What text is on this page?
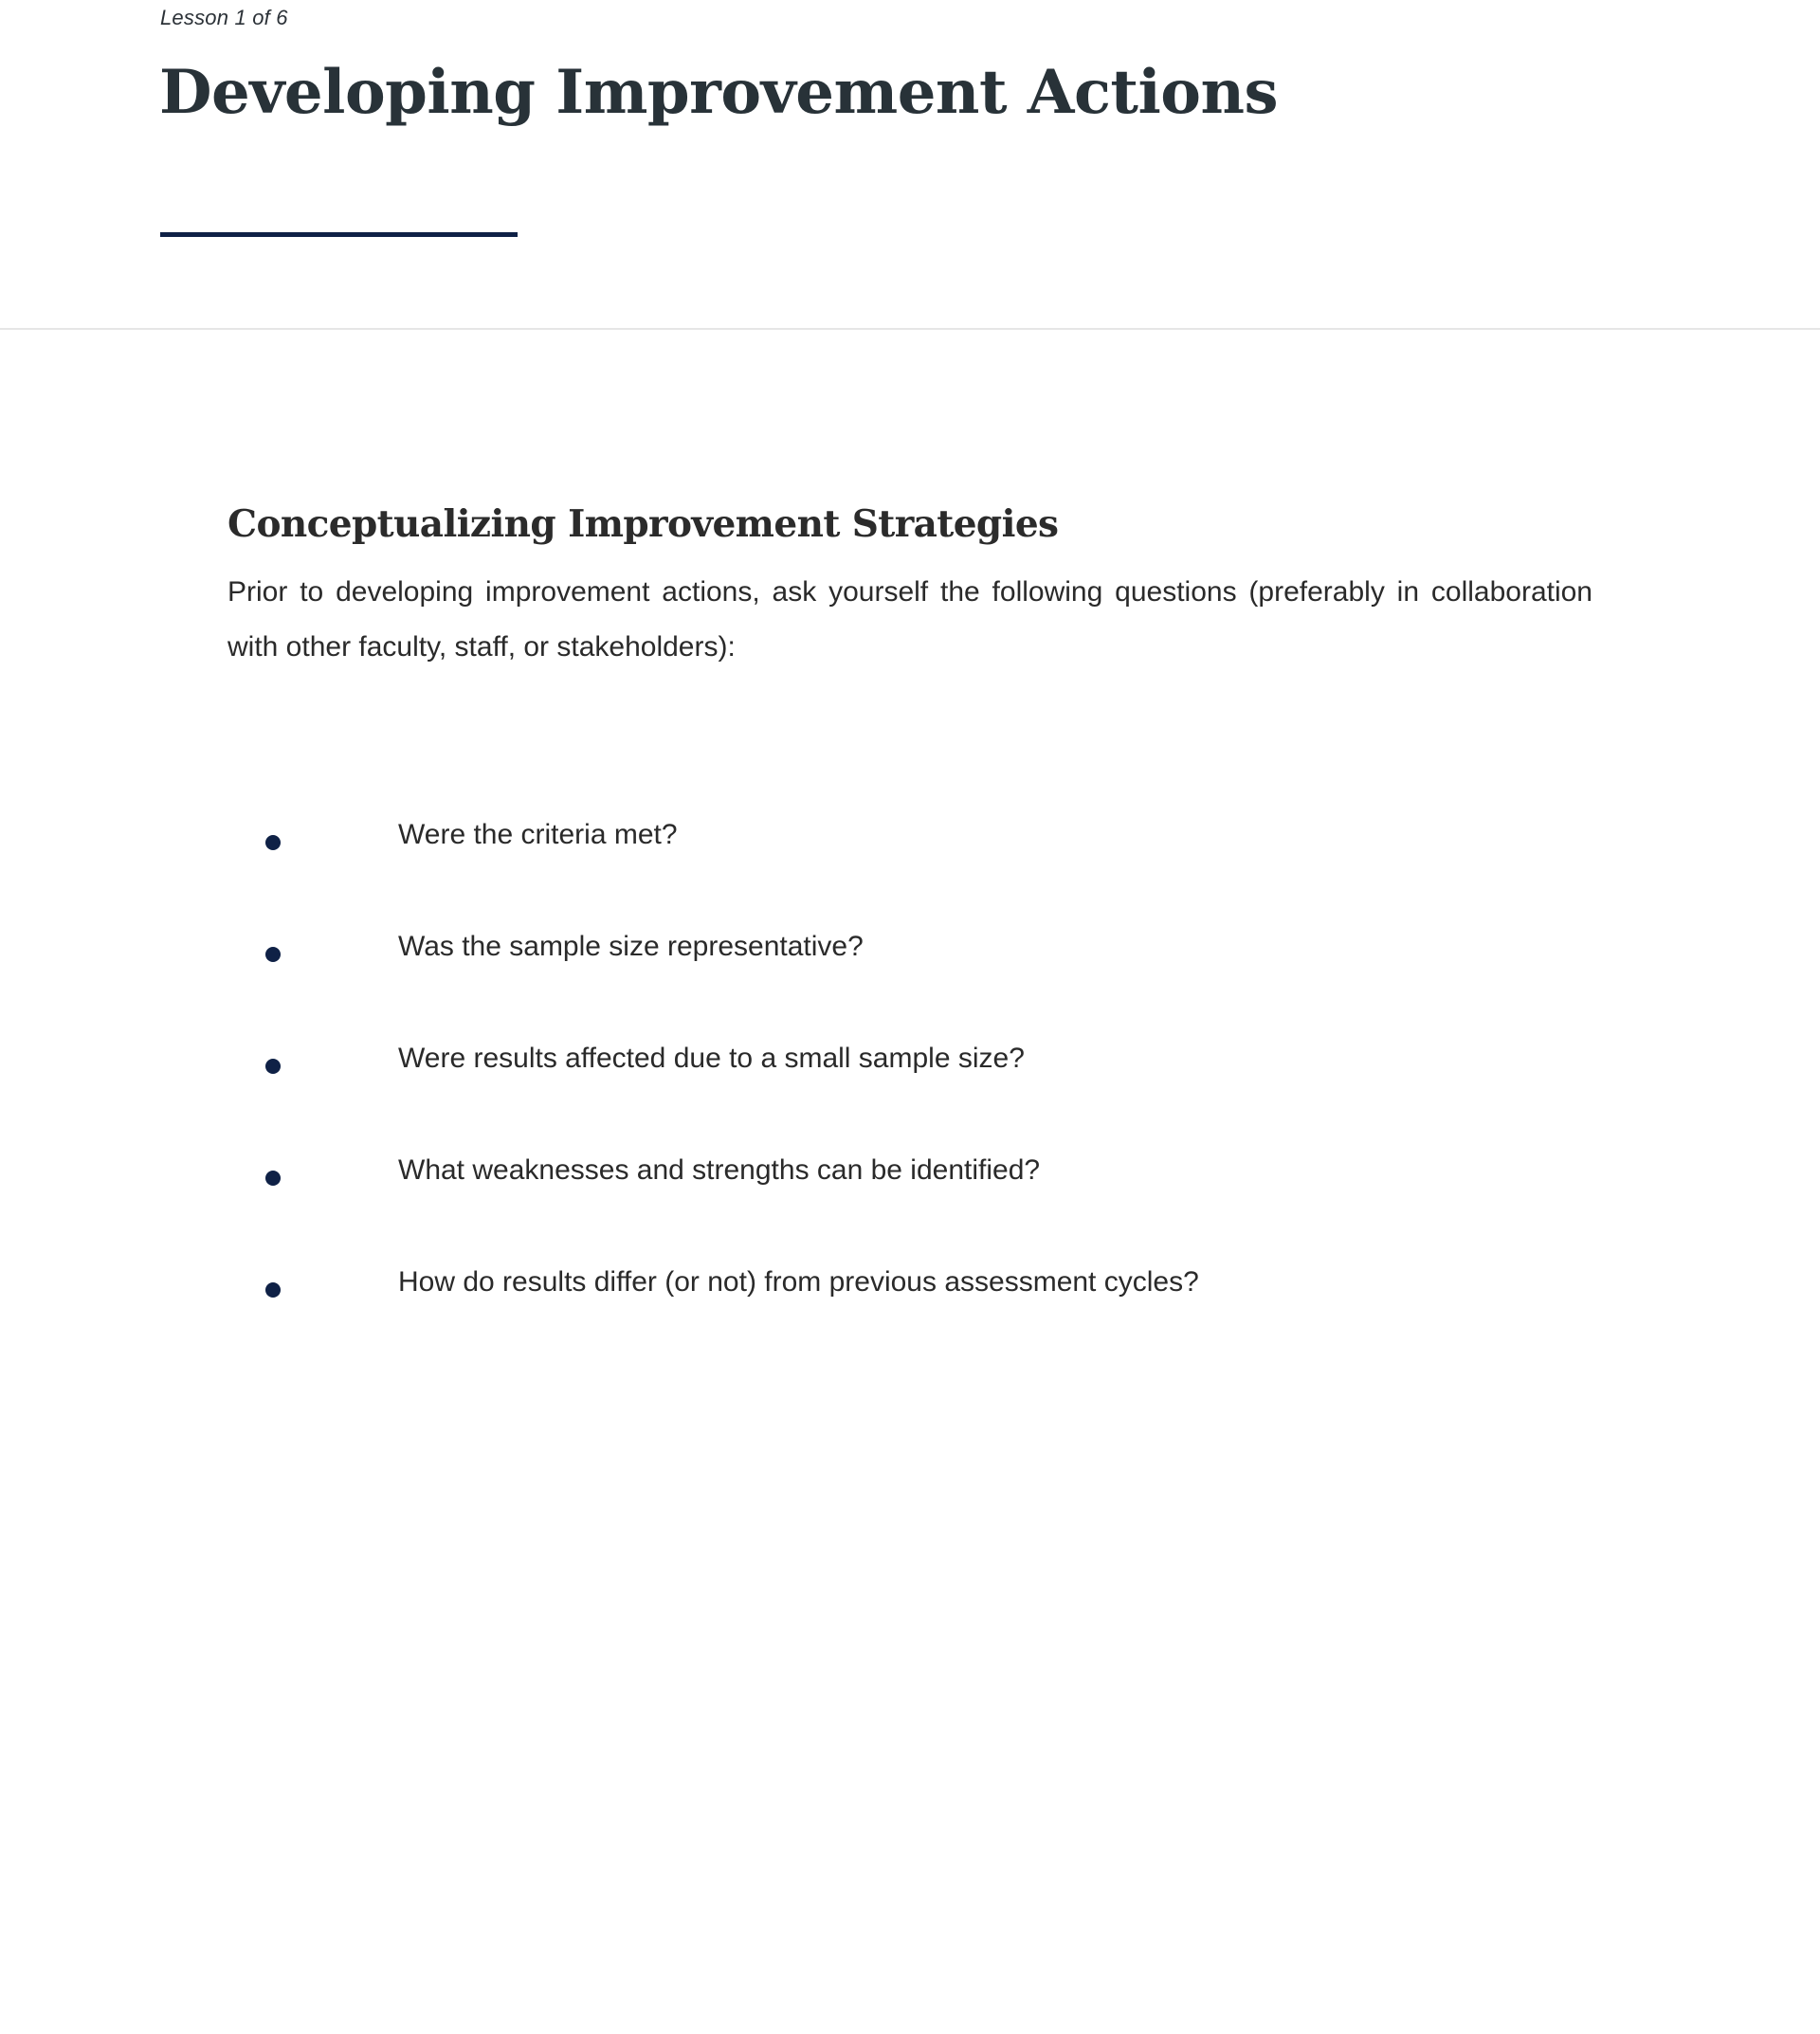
Lesson 1 of 6
Developing Improvement Actions
Conceptualizing Improvement Strategies

Prior to developing improvement actions, ask yourself the following questions (preferably in collaboration with other faculty, staff, or stakeholders):

Were the criteria met?
Was the sample size representative?
Were results affected due to a small sample size?
What weaknesses and strengths can be identified?
How do results differ (or not) from previous assessment cycles?
